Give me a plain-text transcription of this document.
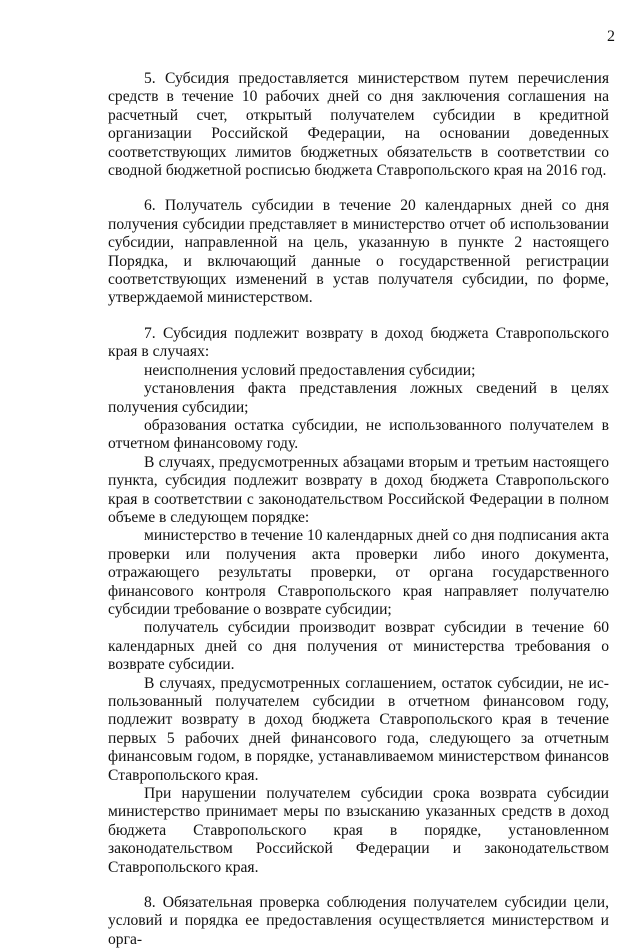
2

5. Субсидия предоставляется министерством путем перечисления средств в течение 10 рабочих дней со дня заключения соглашения на расчетный счет, открытый получателем субсидии в кредитной организации Российской Федерации, на основании доведенных соответствующих лимитов бюджетных обязательств в соответствии со сводной бюджетной росписью бюджета Ставропольского края на 2016 год.

6. Получатель субсидии в течение 20 календарных дней со дня получения субсидии представляет в министерство отчет об использовании субсидии, направленной на цель, указанную в пункте 2 настоящего Порядка, и включающий данные о государственной регистрации соответствующих изменений в устав получателя субсидии, по форме, утверждаемой министерством.

7. Субсидия подлежит возврату в доход бюджета Ставропольского края в случаях:

неисполнения условий предоставления субсидии;

установления факта представления ложных сведений в целях получения субсидии;

образования остатка субсидии, не использованного получателем в отчетном финансовому году.

В случаях, предусмотренных абзацами вторым и третьим настоящего пункта, субсидия подлежит возврату в доход бюджета Ставропольского края в соответствии с законодательством Российской Федерации в полном объеме в следующем порядке:

министерство в течение 10 календарных дней со дня подписания акта проверки или получения акта проверки либо иного документа, отражающего результаты проверки, от органа государственного финансового контроля Ставропольского края направляет получателю субсидии требование о возврате субсидии;

получатель субсидии производит возврат субсидии в течение 60 календарных дней со дня получения от министерства требования о возврате субсидии.

В случаях, предусмотренных соглашением, остаток субсидии, не использованный получателем субсидии в отчетном финансовом году, подлежит возврату в доход бюджета Ставропольского края в течение первых 5 рабочих дней финансового года, следующего за отчетным финансовым годом, в порядке, устанавливаемом министерством финансов Ставропольского края.

При нарушении получателем субсидии срока возврата субсидии министерство принимает меры по взысканию указанных средств в доход бюджета Ставропольского края в порядке, установленном законодательством Российской Федерации и законодательством Ставропольского края.

8. Обязательная проверка соблюдения получателем субсидии цели, условий и порядка ее предоставления осуществляется министерством и орга-
